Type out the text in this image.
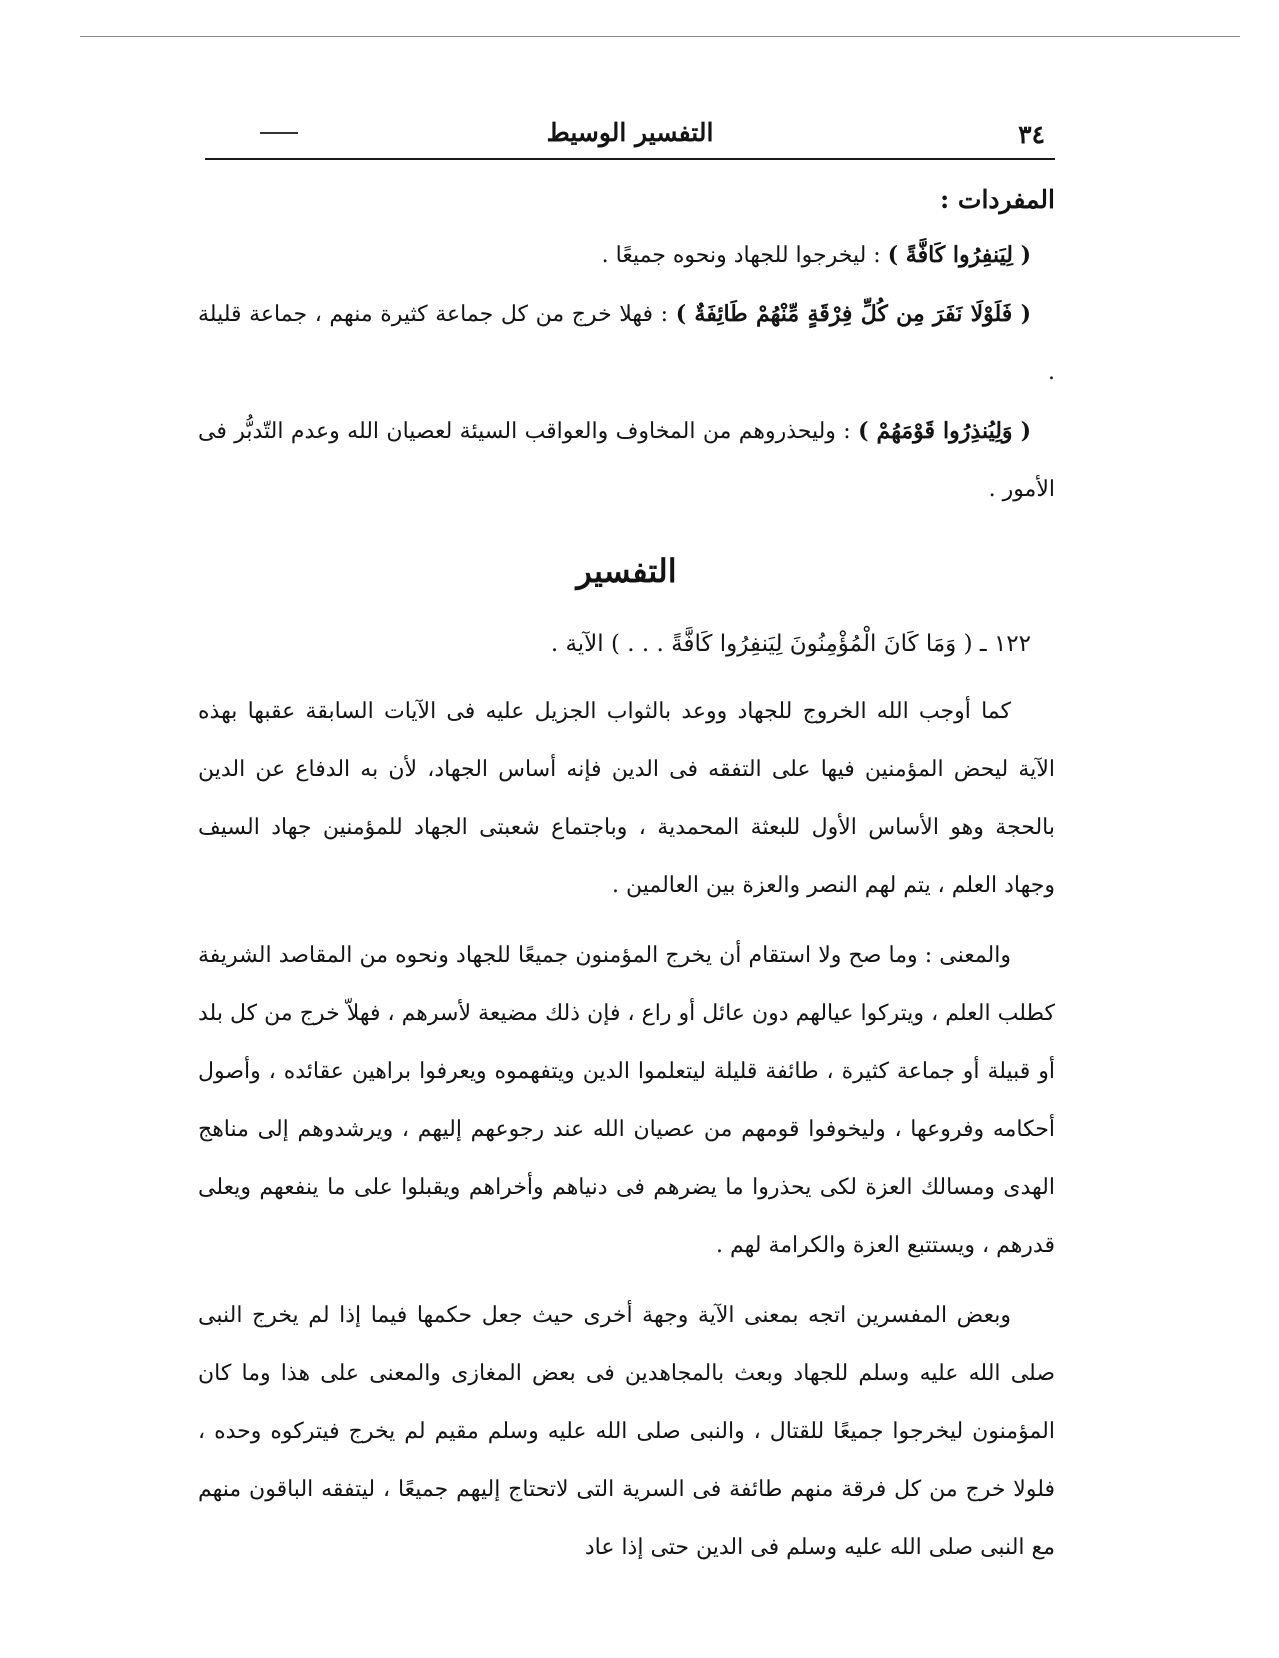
٣٤
التفسير الوسيط
المفردات :

( لِيَنفِرُوا كَافَّةً ) : ليخرجوا للجهاد ونحوه جميعًا .

( فَلَوْلَا نَفَرَ مِن كُلِّ فِرْقَةٍ مِّنْهُمْ طَائِفَةٌ ) : فهلا خرج من كل جماعة كثيرة منهم ، جماعة قليلة .

( وَلِيُنذِرُوا قَوْمَهُمْ ) : وليحذروهم من المخاوف والعواقب السيئة لعصيان الله وعدم التّدبُّر فى الأمور .

التفسير

١٢٢ ـ ( وَمَا كَانَ الْمُؤْمِنُونَ لِيَنفِرُوا كَافَّةً . . . ) الآية .

كما أوجب الله الخروج للجهاد ووعد بالثواب الجزيل عليه فى الآيات السابقة عقبها بهذه الآية ليحض المؤمنين فيها على التفقه فى الدين فإنه أساس الجهاد، لأن به الدفاع عن الدين بالحجة وهو الأساس الأول للبعثة المحمدية ، وباجتماع شعبتى الجهاد للمؤمنين جهاد السيف وجهاد العلم ، يتم لهم النصر والعزة بين العالمين .

والمعنى : وما صح ولا استقام أن يخرج المؤمنون جميعًا للجهاد ونحوه من المقاصد الشريفة كطلب العلم ، ويتركوا عيالهم دون عائل أو راع ، فإن ذلك مضيعة لأسرهم ، فهلاّ خرج من كل بلد أو قبيلة أو جماعة كثيرة ، طائفة قليلة ليتعلموا الدين ويتفهموه ويعرفوا براهين عقائده ، وأصول أحكامه وفروعها ، وليخوفوا قومهم من عصيان الله عند رجوعهم إليهم ، ويرشدوهم إلى مناهج الهدى ومسالك العزة لكى يحذروا ما يضرهم فى دنياهم وأخراهم ويقبلوا على ما ينفعهم ويعلى قدرهم ، ويستتبع العزة والكرامة لهم .

وبعض المفسرين اتجه بمعنى الآية وجهة أخرى حيث جعل حكمها فيما إذا لم يخرج النبى صلى الله عليه وسلم للجهاد وبعث بالمجاهدين فى بعض المغازى والمعنى على هذا وما كان المؤمنون ليخرجوا جميعًا للقتال ، والنبى صلى الله عليه وسلم مقيم لم يخرج فيتركوه وحده ، فلولا خرج من كل فرقة منهم طائفة فى السرية التى لاتحتاج إليهم جميعًا ، ليتفقه الباقون منهم مع النبى صلى الله عليه وسلم فى الدين حتى إذا عاد
